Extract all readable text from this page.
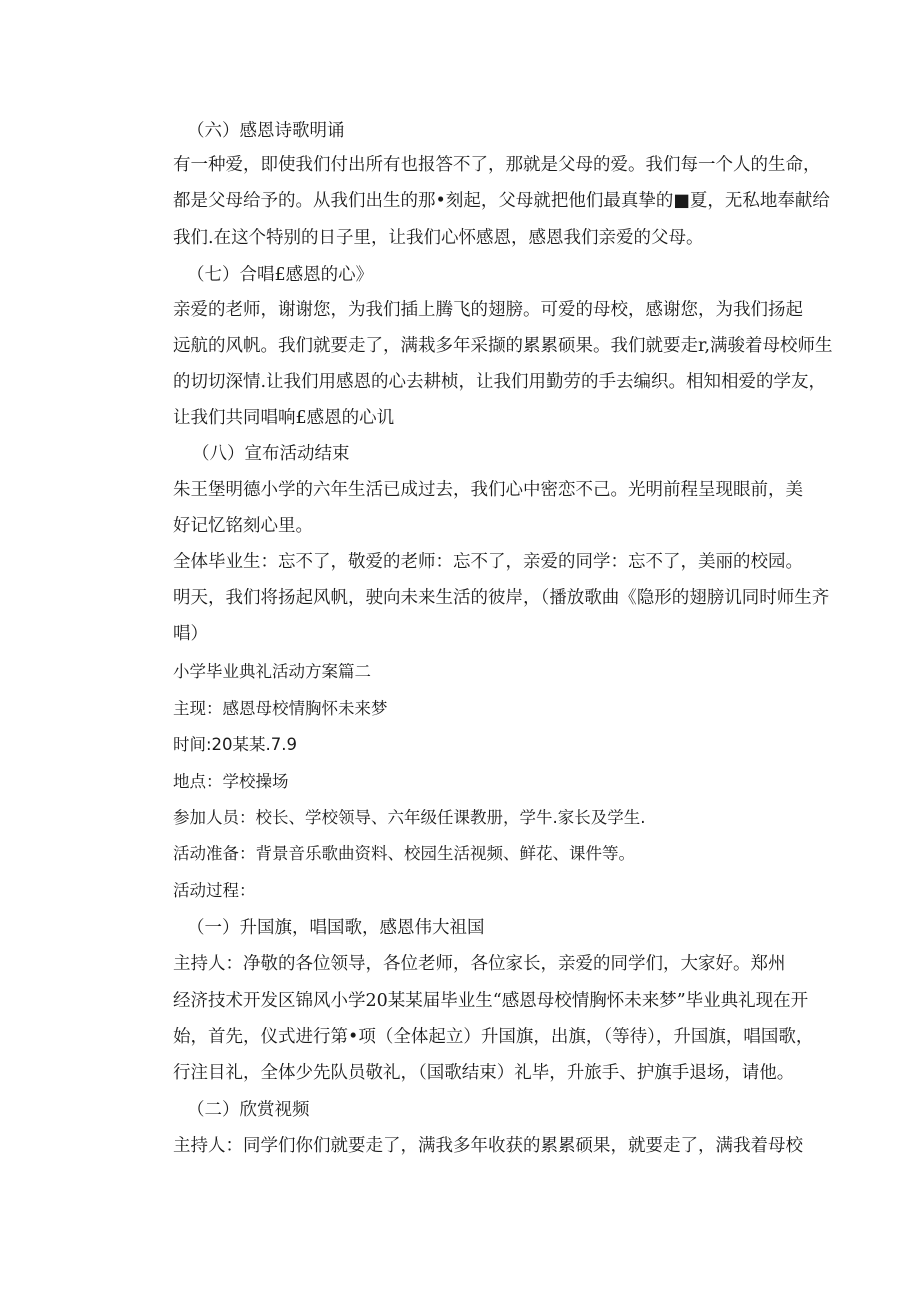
（六）感恩诗歌明诵
有一种爱，即使我们付出所有也报答不了，那就是父母的爱。我们每一个人的生命，
都是父母给予的。从我们出生的那•刻起，父母就把他们最真挚的■夏，无私地奉献给
我们.在这个特别的日子里，让我们心怀感恩，感恩我们亲爱的父母。
（七）合唱£感恩的心》
亲爱的老师，谢谢您，为我们插上腾飞的翅膀。可爱的母校，感谢您，为我们扬起
远航的风帆。我们就要走了，满栽多年采撷的累累硕果。我们就要走r,满骏着母校师生
的切切深情.让我们用感恩的心去耕桢，让我们用勤劳的手去编织。相知相爱的学友，
让我们共同唱响£感恩的心讥
（八）宣布活动结束
朱王堡明德小学的六年生活已成过去，我们心中密恋不己。光明前程呈现眼前，美
好记忆铭刻心里。
全体毕业生：忘不了，敬爱的老师：忘不了，亲爱的同学：忘不了，美丽的校园。
明天，我们将扬起风帆，驶向未来生活的彼岸，（播放歌曲《隐形的翅膀讥同时师生齐
唱）
小学毕业典礼活动方案篇二
主现：感恩母校情胸怀未来梦
时间:20某某.7.9
地点：学校操场
参加人员：校长、学校领导、六年级任课教册，学牛.家长及学生.
活动准备：背景音乐歌曲资料、校园生活视频、鲜花、课件等。
活动过程：
（一）升国旗，唱国歌，感恩伟大祖国
主持人：净敬的各位领导，各位老师，各位家长，亲爱的同学们，大家好。郑州
经济技术开发区锦风小学20某某届毕业生“感恩母校情胸怀未来梦”毕业典礼现在开
始，首先，仪式进行第•项（全体起立）升国旗，出旗，（等待），升国旗，唱国歌，
行注目礼，全体少先队员敬礼，（国歌结束）礼毕，升旅手、护旗手退场，请他。
（二）欣赏视频
主持人：同学们你们就要走了，满我多年收获的累累硕果，就要走了，满我着母校
